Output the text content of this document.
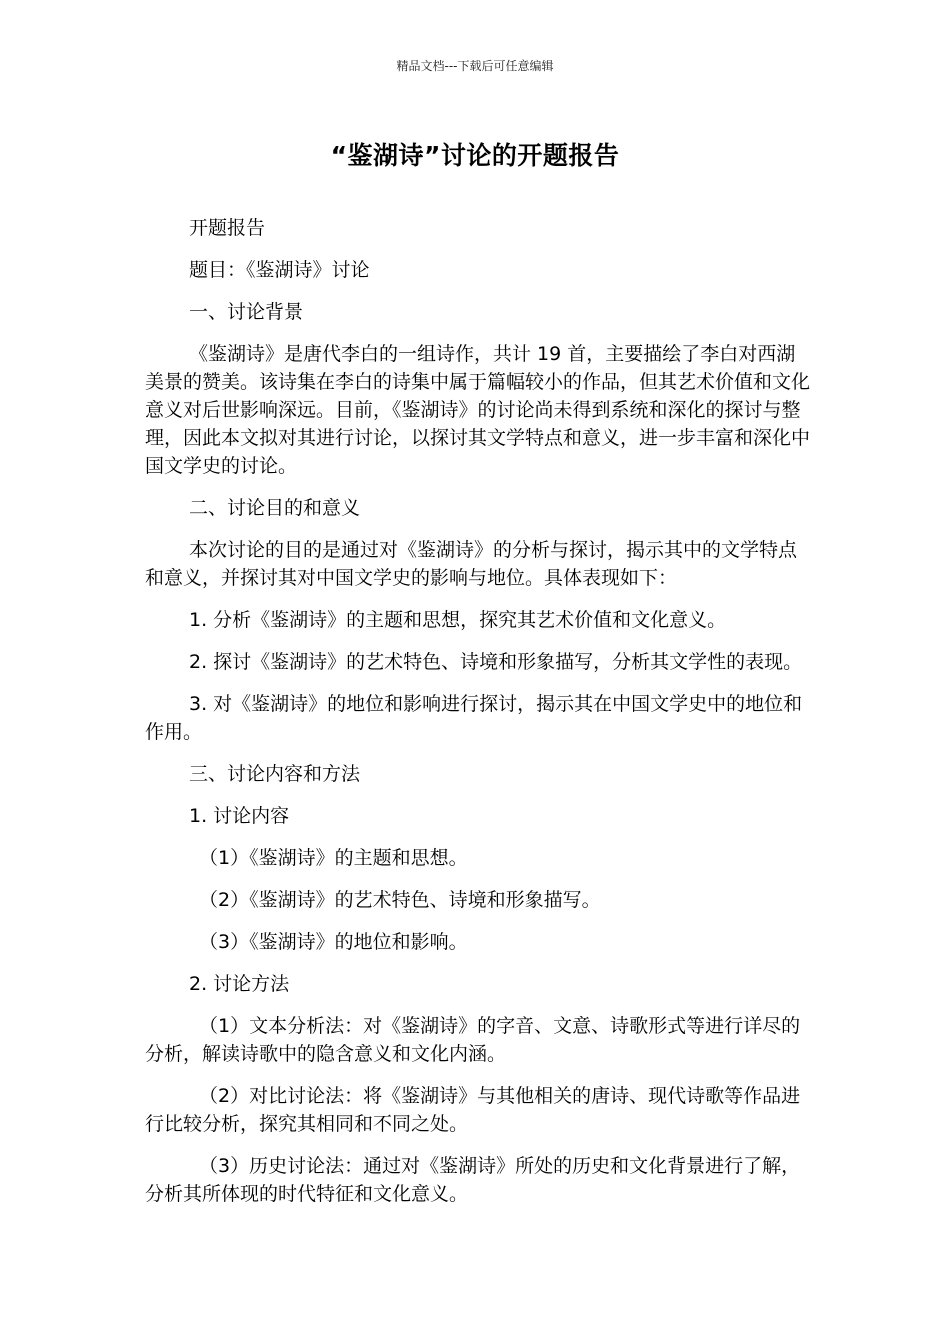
精品文档---下载后可任意编辑
“鉴湖诗”讨论的开题报告

开题报告

题目：《鉴湖诗》讨论

一、讨论背景

《鉴湖诗》是唐代李白的一组诗作，共计 19 首，主要描绘了李白对西湖美景的赞美。该诗集在李白的诗集中属于篇幅较小的作品，但其艺术价值和文化意义对后世影响深远。目前，《鉴湖诗》的讨论尚未得到系统和深化的探讨与整理，因此本文拟对其进行讨论，以探讨其文学特点和意义，进一步丰富和深化中国文学史的讨论。

二、讨论目的和意义

本次讨论的目的是通过对《鉴湖诗》的分析与探讨，揭示其中的文学特点和意义，并探讨其对中国文学史的影响与地位。具体表现如下：

1. 分析《鉴湖诗》的主题和思想，探究其艺术价值和文化意义。

2. 探讨《鉴湖诗》的艺术特色、诗境和形象描写，分析其文学性的表现。

3. 对《鉴湖诗》的地位和影响进行探讨，揭示其在中国文学史中的地位和作用。

三、讨论内容和方法

1. 讨论内容

（1）《鉴湖诗》的主题和思想。

（2）《鉴湖诗》的艺术特色、诗境和形象描写。

（3）《鉴湖诗》的地位和影响。

2. 讨论方法

（1）文本分析法：对《鉴湖诗》的字音、文意、诗歌形式等进行详尽的分析，解读诗歌中的隐含意义和文化内涵。

（2）对比讨论法：将《鉴湖诗》与其他相关的唐诗、现代诗歌等作品进行比较分析，探究其相同和不同之处。

（3）历史讨论法：通过对《鉴湖诗》所处的历史和文化背景进行了解，分析其所体现的时代特征和文化意义。
